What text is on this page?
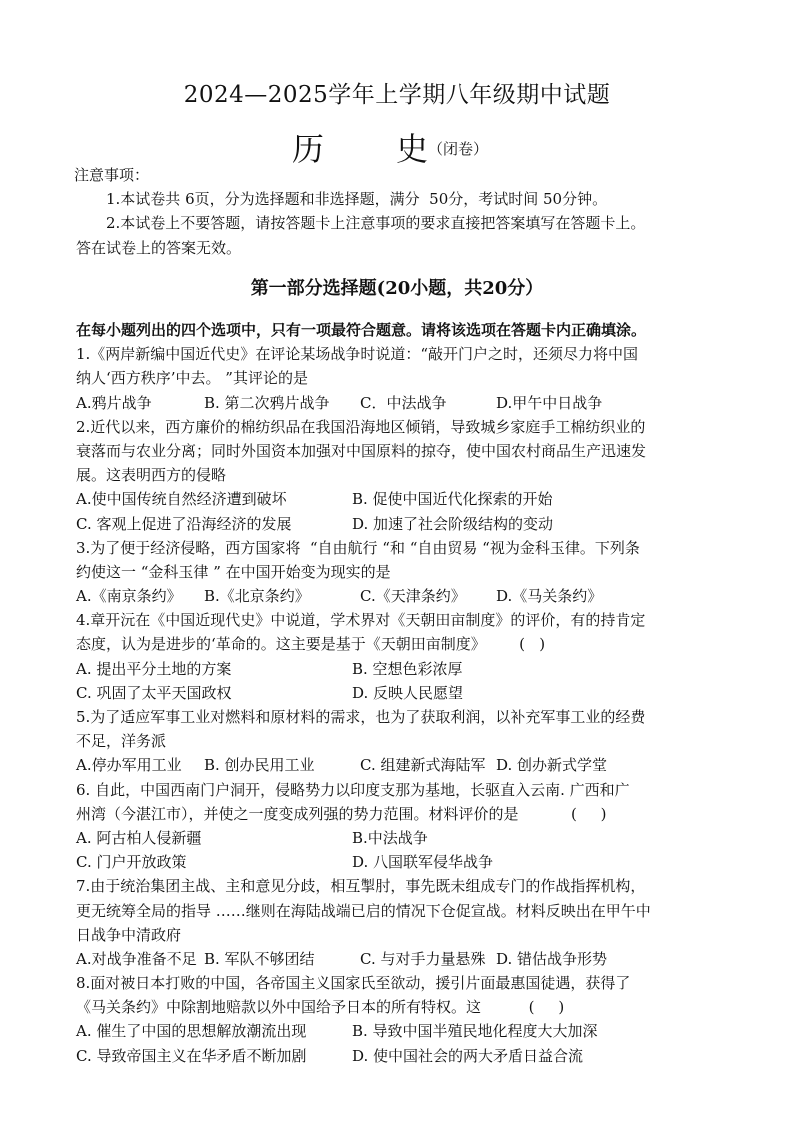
2024—2025学年上学期八年级期中试题
历 史（闭卷）
注意事项：
1.本试卷共 6页，分为选择题和非选择题，满分  50分，考试时间 50分钟。
2.本试卷上不要答题，请按答题卡上注意事项的要求直接把答案填写在答题卡上。
答在试卷上的答案无效。
第一部分选择题(20小题，共20分）
在每小题列出的四个选项中，只有一项最符合题意。请将该选项在答题卡内正确填涂。
1.《两岸新编中国近代史》在评论某场战争时说道：“敲开门户之时，还须尽力将中国
纳人‘西方秩序’中去。 ”其评论的是
A.鸦片战争	B. 第二次鸦片战争 C．中法战争	D.甲午中日战争
2.近代以来，西方廉价的棉纺织品在我国沿海地区倾销，导致城乡家庭手工棉纺织业的
衰落而与农业分离；同时外国资本加强对中国原料的掠夺，使中国农村商品生产迅速发
展。这表明西方的侵略
A.使中国传统自然经济遭到破坏	B. 促使中国近代化探索的开始
C. 客观上促进了沿海经济的发展	D. 加速了社会阶级结构的变动
3.为了便于经济侵略，西方国家将  “自由航行 “和 “自由贸易 “视为金科玉律。下列条
约使这一 “金科玉律 ” 在中国开始变为现实的是
A.《南京条约》 B.《北京条约》	C.《天津条约》 D.《马关条约》
4.章开沅在《中国近现代史》中说道，学术界对《天朝田亩制度》的评价，有的持肯定
态度，认为是进步的‘革命的。这主要是基于《天朝田亩制度》       (   )
A. 提出平分土地的方案	B. 空想色彩浓厚
C. 巩固了太平天国政权	D. 反映人民愿望
5.为了适应军事工业对燃料和原材料的需求，也为了获取利润，以补充军事工业的经费
不足，洋务派
A.停办军用工业 B. 创办民用工业	C. 组建新式海陆军 D. 创办新式学堂
6. 自此，中国西南门户洞开，侵略势力以印度支那为基地，长驱直入云南. 广西和广
州湾（今湛江市），并使之一度变成列强的势力范围。材料评价的是           (     )
A. 阿古柏人侵新疆	B.中法战争
C. 门户开放政策	D. 八国联军侵华战争
7.由于统治集团主战、主和意见分歧，相互掣肘，事先既未组成专门的作战指挥机构，
更无统筹全局的指导 ……继则在海陆战端已启的情况下仓促宣战。材料反映出在甲午中
日战争中清政府
A.对战争准备不足 B. 军队不够团结	C. 与对手力量悬殊 D. 错估战争形势
8.面对被日本打败的中国，各帝国主义国家氏至欲动，援引片面最惠国徒遇，获得了
《马关条约》中除割地赔款以外中国给予日本的所有特权。这          (     )
A. 催生了中国的思想解放潮流出现	B. 导致中国半殖民地化程度大大加深
C. 导致帝国主义在华矛盾不断加剧	D. 使中国社会的两大矛盾日益合流
